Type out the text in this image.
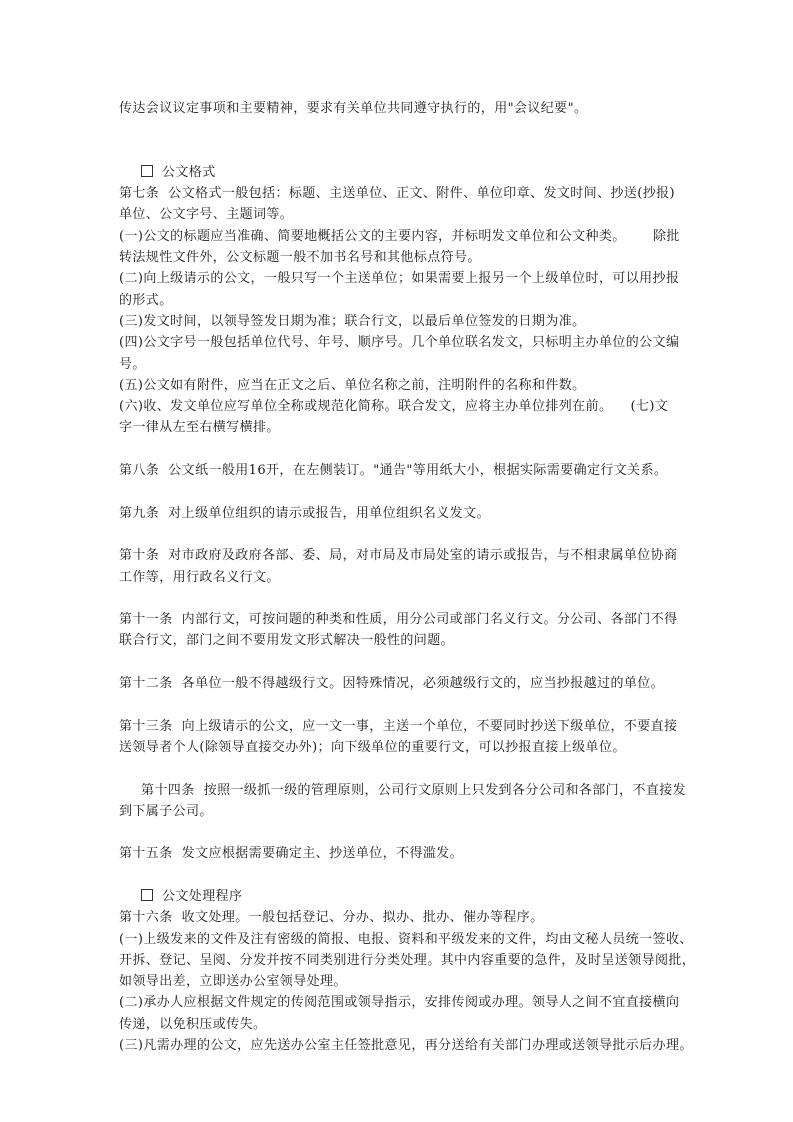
传达会议议定事项和主要精神，要求有关单位共同遵守执行的，用"会议纪要"。
公文格式
第七条  公文格式一般包括：标题、主送单位、正文、附件、单位印章、发文时间、抄送(抄报)
单位、公文字号、主题词等。
(一)公文的标题应当准确、简要地概括公文的主要内容，并标明发文单位和公文种类。      除批
转法规性文件外，公文标题一般不加书名号和其他标点符号。
(二)向上级请示的公文，一般只写一个主送单位；如果需要上报另一个上级单位时，可以用抄报
的形式。
(三)发文时间，以领导签发日期为准；联合行文，以最后单位签发的日期为准。
(四)公文字号一般包括单位代号、年号、顺序号。几个单位联名发文，只标明主办单位的公文编
号。
(五)公文如有附件，应当在正文之后、单位名称之前，注明附件的名称和件数。
(六)收、发文单位应写单位全称或规范化简称。联合发文，应将主办单位排列在前。    (七)文
字一律从左至右横写横排。
第八条  公文纸一般用16开，在左侧装订。"通告"等用纸大小，根据实际需要确定行文关系。
第九条  对上级单位组织的请示或报告，用单位组织名义发文。
第十条  对市政府及政府各部、委、局，对市局及市局处室的请示或报告，与不相隶属单位协商
工作等，用行政名义行文。
第十一条  内部行文，可按问题的种类和性质，用分公司或部门名义行文。分公司、各部门不得
联合行文，部门之间不要用发文形式解决一般性的问题。
第十二条  各单位一般不得越级行文。因特殊情况，必须越级行文的，应当抄报越过的单位。
第十三条  向上级请示的公文，应一文一事，主送一个单位，不要同时抄送下级单位，不要直接
送领导者个人(除领导直接交办外)；向下级单位的重要行文，可以抄报直接上级单位。
第十四条  按照一级抓一级的管理原则，公司行文原则上只发到各分公司和各部门，不直接发
到下属子公司。
第十五条  发文应根据需要确定主、抄送单位，不得滥发。
公文处理程序
第十六条  收文处理。一般包括登记、分办、拟办、批办、催办等程序。
(一)上级发来的文件及注有密级的简报、电报、资料和平级发来的文件，均由文秘人员统一签收、
开拆、登记、呈阅、分发并按不同类别进行分类处理。其中内容重要的急件，及时呈送领导阅批，
如领导出差，立即送办公室领导处理。
(二)承办人应根据文件规定的传阅范围或领导指示，安排传阅或办理。领导人之间不宜直接横向
传递，以免积压或传失。
(三)凡需办理的公文，应先送办公室主任签批意见，再分送给有关部门办理或送领导批示后办理。
